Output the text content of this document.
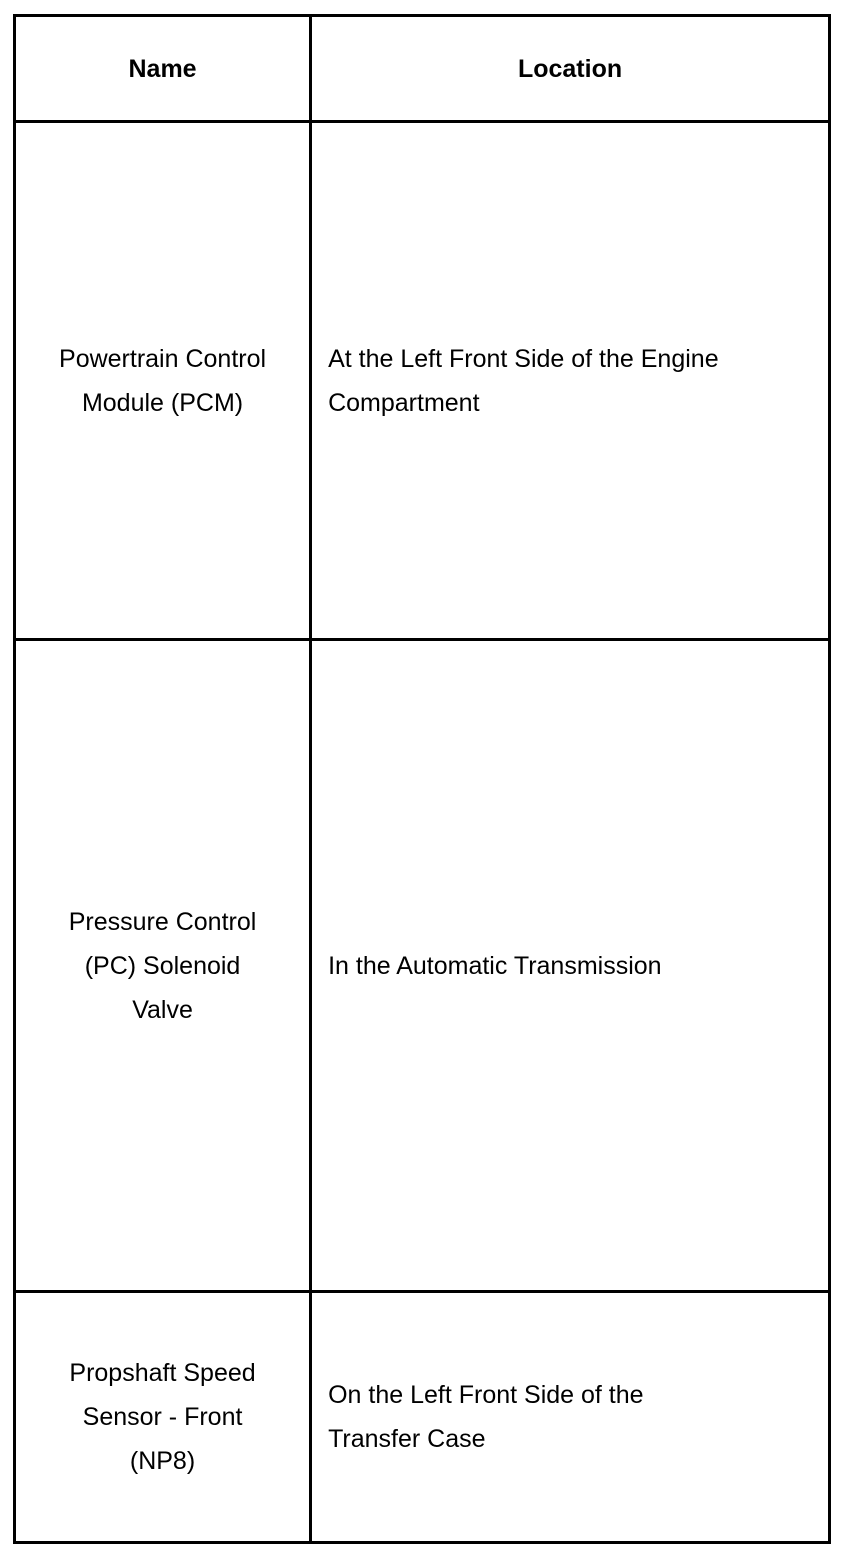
Name	Location
Powertrain Control Module (PCM)	At the Left Front Side of the Engine Compartment
Pressure Control (PC) Solenoid Valve	In the Automatic Transmission
Propshaft Speed Sensor - Front (NP8)	On the Left Front Side of the Transfer Case
